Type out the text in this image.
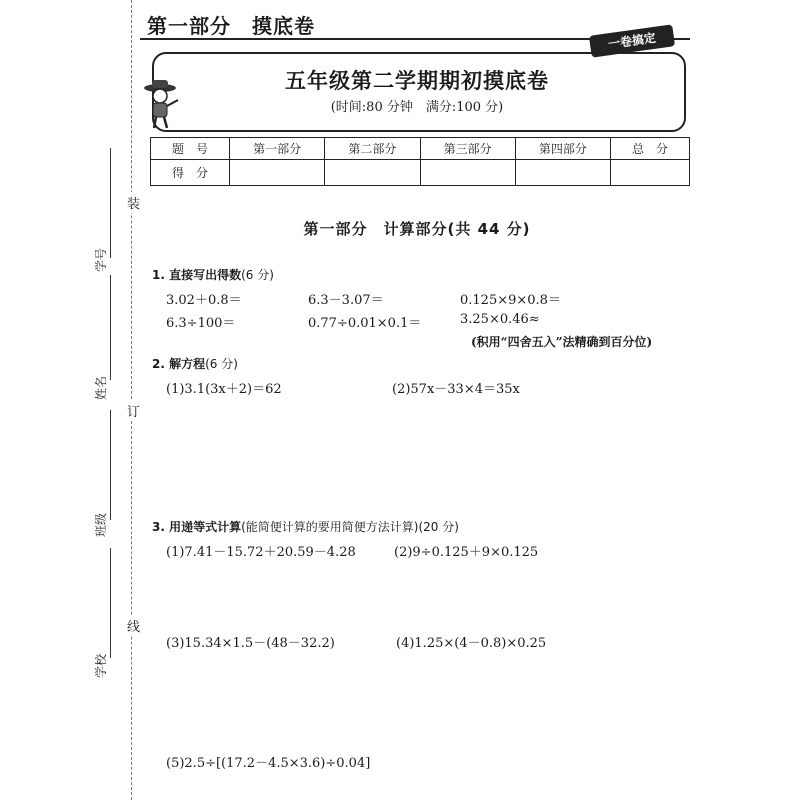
装
订
线
学号
姓名
班级
学校
第一部分　摸底卷
一卷搞定
五年级第二学期期初摸底卷
(时间:80 分钟　满分:100 分)
题　号	第一部分	第二部分	第三部分	第四部分	总　分
得　分					
第一部分　计算部分(共 44 分)
1. 直接写出得数(6 分)
3.02＋0.8＝	6.3－3.07＝	0.125×9×0.8＝
6.3÷100＝	0.77÷0.01×0.1＝	3.25×0.46≈
(积用“四舍五入”法精确到百分位)
2. 解方程(6 分)
(1)3.1(3x＋2)＝62	(2)57x－33×4＝35x
3. 用递等式计算(能简便计算的要用简便方法计算)(20 分)
(1)7.41－15.72＋20.59－4.28	(2)9÷0.125＋9×0.125
(3)15.34×1.5－(48－32.2)	(4)1.25×(4－0.8)×0.25
(5)2.5÷[(17.2－4.5×3.6)÷0.04]
